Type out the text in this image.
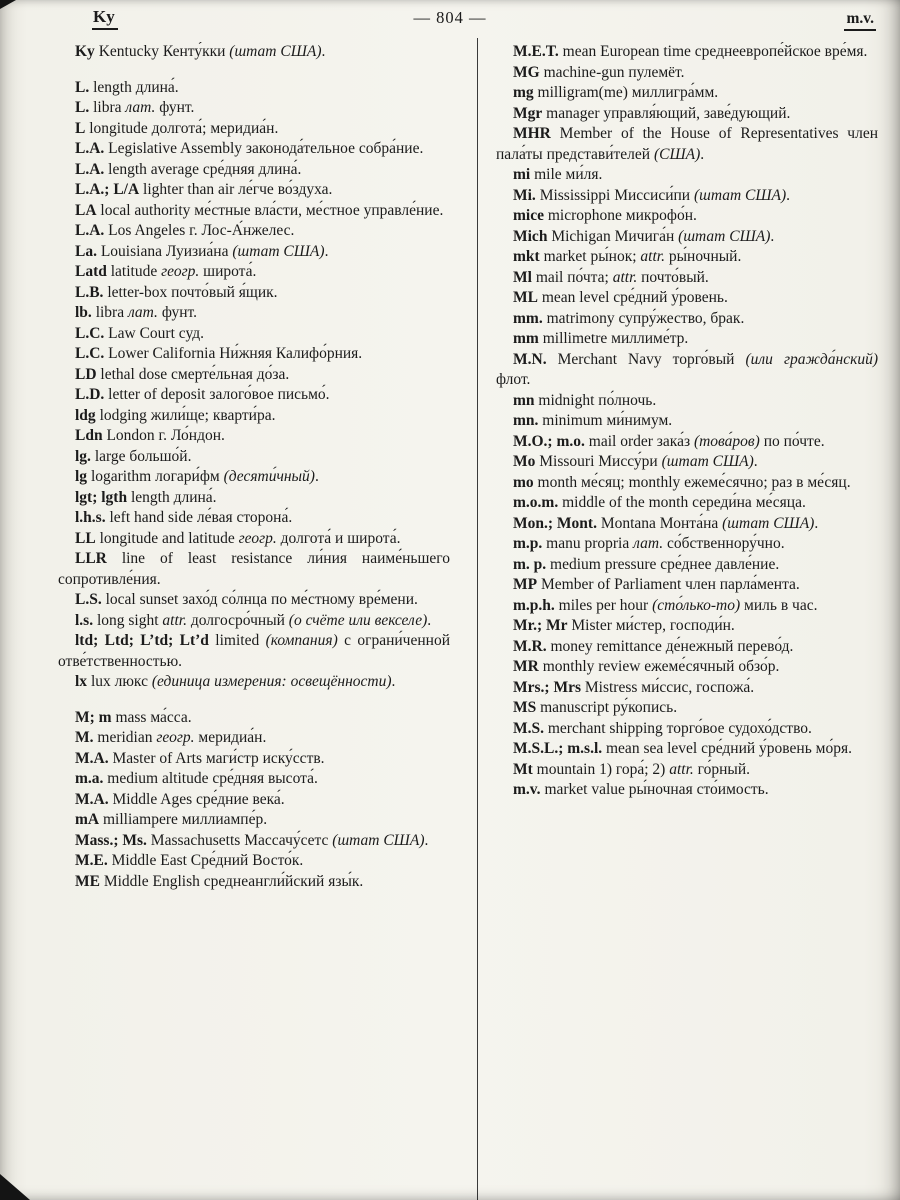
Ky	— 804 —	m.v.

Ky Kentucky Кенту́кки (штат США).

L. length длина́.

L. libra лат. фунт.

L longitude долгота́; меридиа́н.

L.A. Legislative Assembly законода́тельное собра́ние.

L.A. length average сре́дняя длина́.

L.A.; L/A lighter than air ле́гче во́здуха.

LA local authority ме́стные вла́сти, ме́стное управле́ние.

L.A. Los Angeles г. Лос-А́нжелес.

La. Louisiana Луизиа́на (штат США).

Latd latitude геогр. широта́.

L.B. letter-box почто́вый я́щик.

lb. libra лат. фунт.

L.C. Law Court суд.

L.C. Lower California Ни́жняя Калифо́рния.

LD lethal dose смерте́льная до́за.

L.D. letter of deposit залого́вое письмо́.

ldg lodging жили́ще; кварти́ра.

Ldn London г. Ло́ндон.

lg. large большо́й.

lg logarithm логари́фм (десяти́чный).

lgt; lgth length длина́.

l.h.s. left hand side ле́вая сторона́.

LL longitude and latitude геогр. долгота́ и широта́.

LLR line of least resistance ли́ния наиме́ньшего сопротивле́ния.

L.S. local sunset захо́д со́лнца по ме́стному вре́мени.

l.s. long sight attr. долгосро́чный (о счёте или векселе).

ltd; Ltd; L’td; Lt’d limited (компания) с ограни́ченной отве́тственностью.

lx lux люкс (единица измерения: освещённости).

M; m mass ма́сса.

M. meridian геогр. меридиа́н.

M.A. Master of Arts маги́стр иску́сств.

m.a. medium altitude сре́дняя высота́.

M.A. Middle Ages сре́дние века́.

mA milliampere миллиампе́р.

Mass.; Ms. Massachusetts Массачу́сетс (штат США).

M.E. Middle East Сре́дний Восто́к.

ME Middle English среднеангли́йский язы́к.

M.E.T. mean European time среднеевропе́йское вре́мя.

MG machine-gun пулемёт.

mg milligram(me) миллигра́мм.

Mgr manager управля́ющий, заве́дующий.

MHR Member of the House of Representatives член пала́ты представи́телей (США).

mi mile ми́ля.

Mi. Mississippi Миссиси́пи (штат США).

mice microphone микрофо́н.

Mich Michigan Мичига́н (штат США).

mkt market ры́нок; attr. ры́ночный.

Ml mail по́чта; attr. почто́вый.

ML mean level сре́дний у́ровень.

mm. matrimony супру́жество, брак.

mm millimetre миллиме́тр.

M.N. Merchant Navy торго́вый (или гражда́нский) флот.

mn midnight по́лночь.

mn. minimum ми́нимум.

M.O.; m.o. mail order зака́з (това́ров) по по́чте.

Mo Missouri Миссу́ри (штат США).

mo month ме́сяц; monthly ежеме́сячно; раз в ме́сяц.

m.o.m. middle of the month середи́на ме́сяца.

Mon.; Mont. Montana Монта́на (штат США).

m.p. manu propria лат. со́бственнору́чно.

m. p. medium pressure сре́днее давле́ние.

MP Member of Parliament член парла́мента.

m.p.h. miles per hour (сто́лько-то) миль в час.

Mr.; Mr Mister ми́стер, господи́н.

M.R. money remittance де́нежный перево́д.

MR monthly review ежеме́сячный обзо́р.

Mrs.; Mrs Mistress ми́ссис, госпожа́.

MS manuscript ру́копись.

M.S. merchant shipping торго́вое судохо́дство.

M.S.L.; m.s.l. mean sea level сре́дний у́ровень мо́ря.

Mt mountain 1) гора́; 2) attr. го́рный.

m.v. market value ры́ночная сто́имость.
